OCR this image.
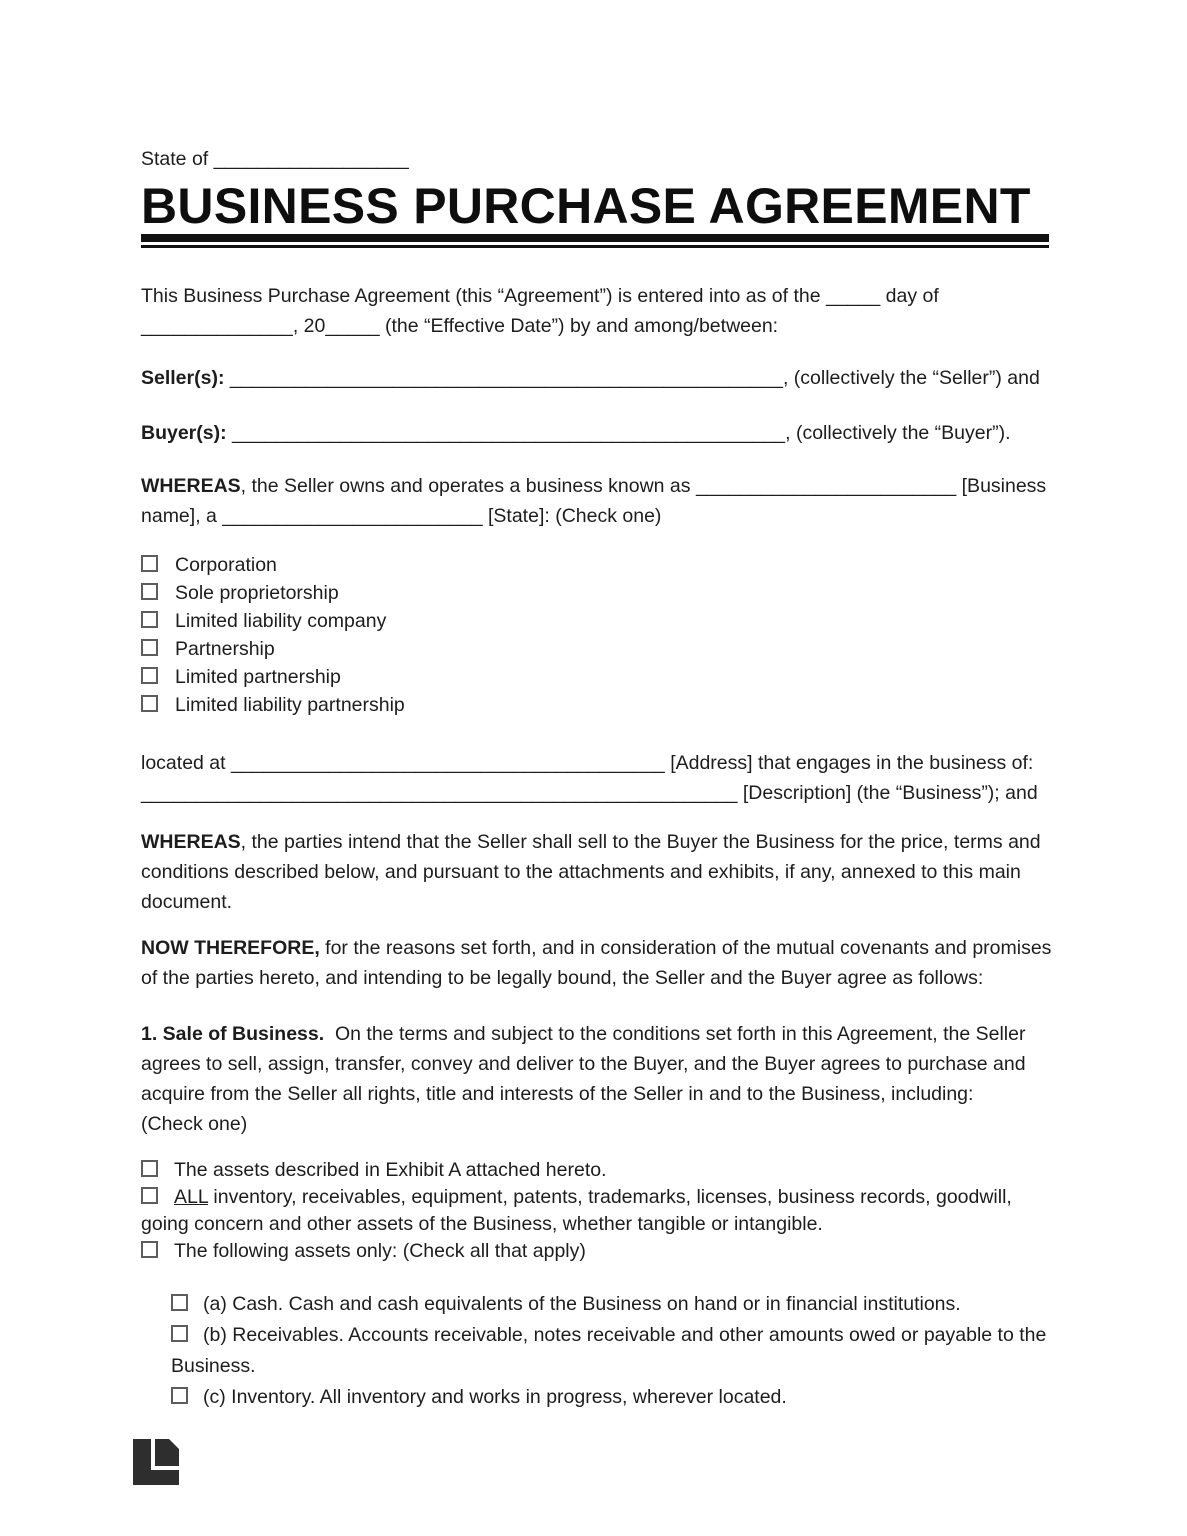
State of __________________
BUSINESS PURCHASE AGREEMENT
This Business Purchase Agreement (this “Agreement”) is entered into as of the _____ day of
______________, 20_____ (the “Effective Date”) by and among/between:
Seller(s): ___________________________________________________, (collectively the “Seller”) and
Buyer(s): ___________________________________________________, (collectively the “Buyer”).
WHEREAS, the Seller owns and operates a business known as ________________________ [Business
name], a ________________________ [State]: (Check one)
Corporation
Sole proprietorship
Limited liability company
Partnership
Limited partnership
Limited liability partnership
located at ________________________________________ [Address] that engages in the business of:
_______________________________________________________ [Description] (the “Business”); and
WHEREAS, the parties intend that the Seller shall sell to the Buyer the Business for the price, terms and
conditions described below, and pursuant to the attachments and exhibits, if any, annexed to this main
document.
NOW THEREFORE, for the reasons set forth, and in consideration of the mutual covenants and promises
of the parties hereto, and intending to be legally bound, the Seller and the Buyer agree as follows:
1. Sale of Business.  On the terms and subject to the conditions set forth in this Agreement, the Seller
agrees to sell, assign, transfer, convey and deliver to the Buyer, and the Buyer agrees to purchase and
acquire from the Seller all rights, title and interests of the Seller in and to the Business, including:
(Check one)
The assets described in Exhibit A attached hereto.
ALL inventory, receivables, equipment, patents, trademarks, licenses, business records, goodwill,
going concern and other assets of the Business, whether tangible or intangible.
The following assets only: (Check all that apply)
(a) Cash. Cash and cash equivalents of the Business on hand or in financial institutions.
(b) Receivables. Accounts receivable, notes receivable and other amounts owed or payable to the
Business.
(c) Inventory. All inventory and works in progress, wherever located.
